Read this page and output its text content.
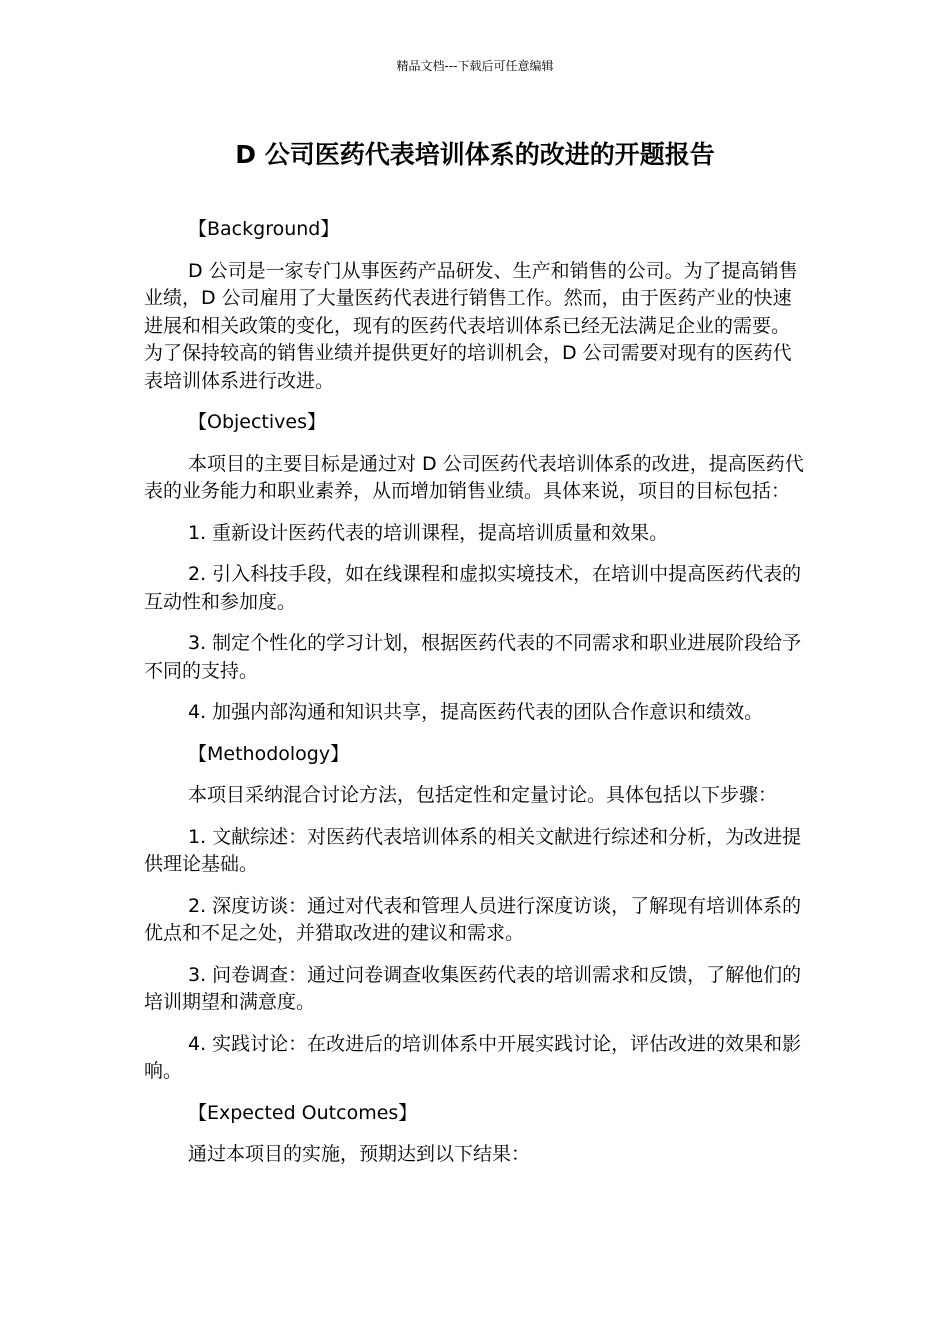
精品文档---下载后可任意编辑
D 公司医药代表培训体系的改进的开题报告

【Background】

D 公司是一家专门从事医药产品研发、生产和销售的公司。为了提高销售业绩，D 公司雇用了大量医药代表进行销售工作。然而，由于医药产业的快速进展和相关政策的变化，现有的医药代表培训体系已经无法满足企业的需要。为了保持较高的销售业绩并提供更好的培训机会，D 公司需要对现有的医药代表培训体系进行改进。

【Objectives】

本项目的主要目标是通过对 D 公司医药代表培训体系的改进，提高医药代表的业务能力和职业素养，从而增加销售业绩。具体来说，项目的目标包括：

1. 重新设计医药代表的培训课程，提高培训质量和效果。

2. 引入科技手段，如在线课程和虚拟实境技术，在培训中提高医药代表的互动性和参加度。

3. 制定个性化的学习计划，根据医药代表的不同需求和职业进展阶段给予不同的支持。

4. 加强内部沟通和知识共享，提高医药代表的团队合作意识和绩效。

【Methodology】

本项目采纳混合讨论方法，包括定性和定量讨论。具体包括以下步骤：

1. 文献综述：对医药代表培训体系的相关文献进行综述和分析，为改进提供理论基础。

2. 深度访谈：通过对代表和管理人员进行深度访谈，了解现有培训体系的优点和不足之处，并猎取改进的建议和需求。

3. 问卷调查：通过问卷调查收集医药代表的培训需求和反馈，了解他们的培训期望和满意度。

4. 实践讨论：在改进后的培训体系中开展实践讨论，评估改进的效果和影响。

【Expected Outcomes】

通过本项目的实施，预期达到以下结果：
